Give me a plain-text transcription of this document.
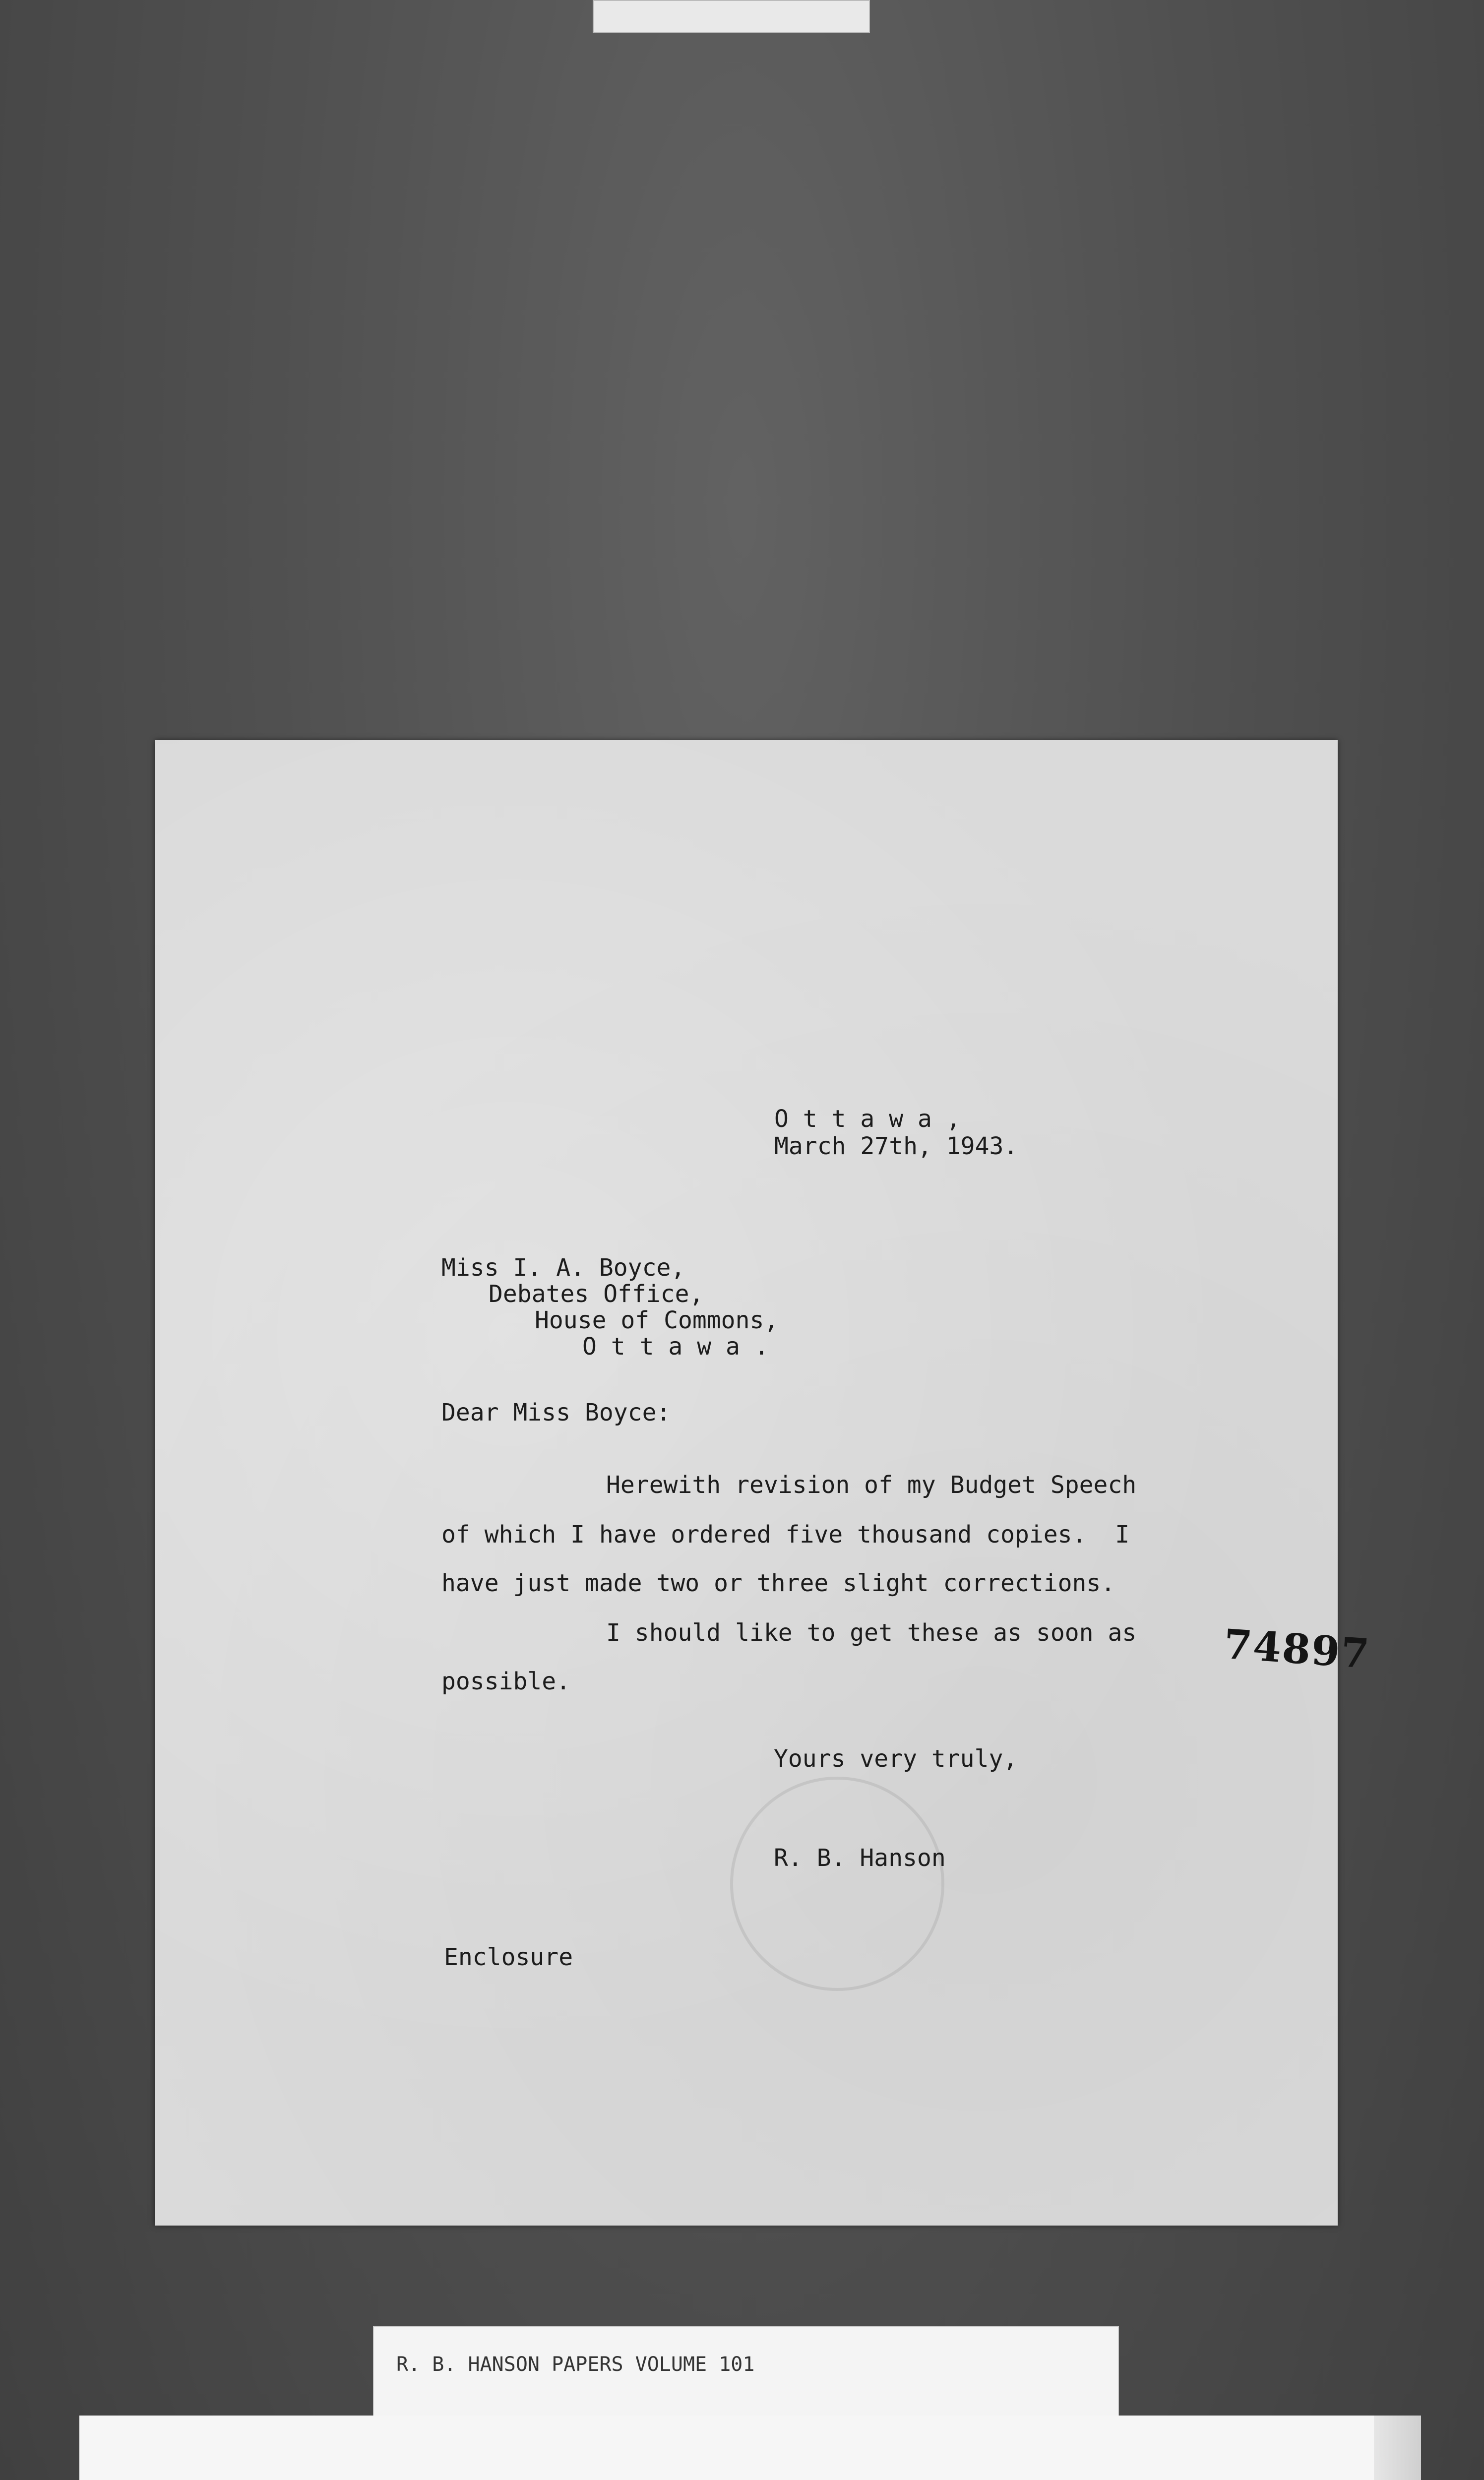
74897
O t t a w a ,
March 27th, 1943.
Miss I. A. Boyce,
Debates Office,
House of Commons,
O t t a w a .
Dear Miss Boyce:
Herewith revision of my Budget Speech
of which I have ordered five thousand copies.  I
have just made two or three slight corrections.
I should like to get these as soon as
possible.
Yours very truly,
R. B. Hanson
Enclosure
R. B. HANSON PAPERS VOLUME 101
